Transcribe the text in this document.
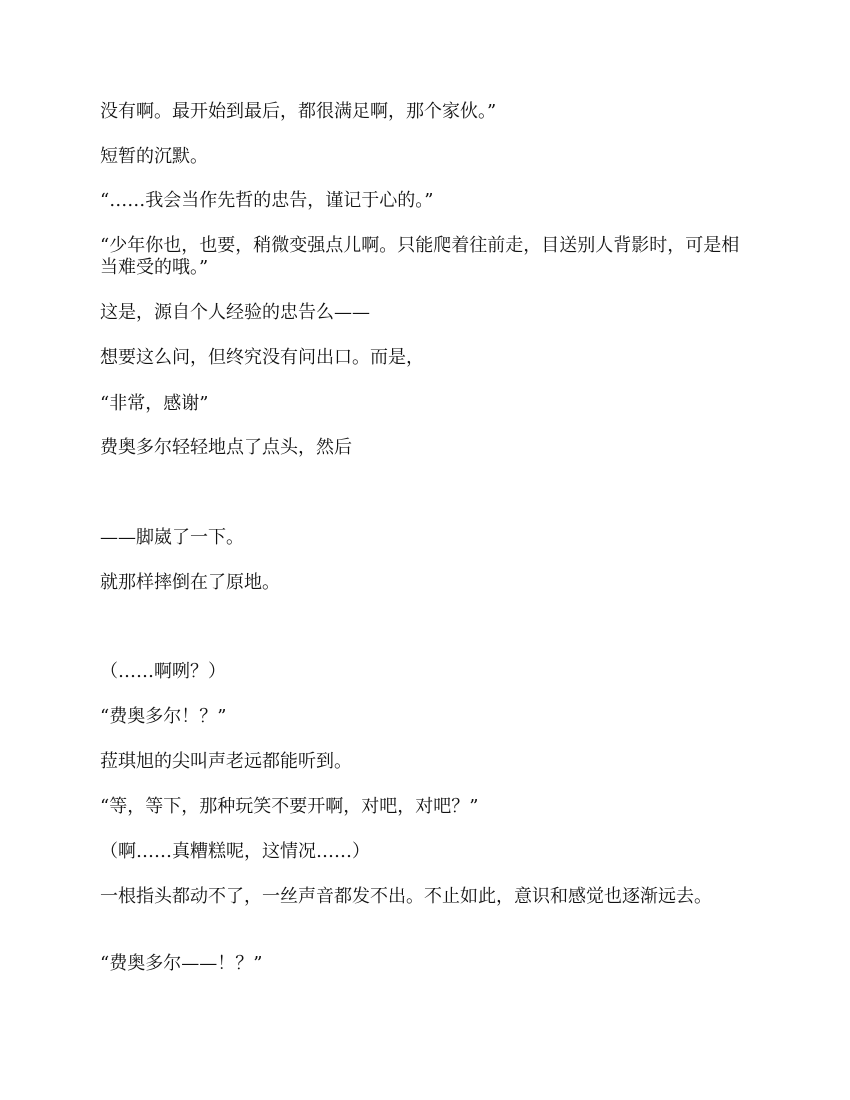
没有啊。最开始到最后，都很满足啊，那个家伙。”

短暂的沉默。

“……我会当作先哲的忠告，谨记于心的。”

“少年你也，也要，稍微变强点儿啊。只能爬着往前走，目送别人背影时，可是相当难受的哦。”

这是，源自个人经验的忠告么——

想要这么问，但终究没有问出口。而是，

“非常，感谢”

费奥多尔轻轻地点了点头，然后

——脚崴了一下。

就那样摔倒在了原地。

（……啊咧？）

“费奥多尔！？”

菈琪旭的尖叫声老远都能听到。

“等，等下，那种玩笑不要开啊，对吧，对吧？”

（啊……真糟糕呢，这情况……）

一根指头都动不了，一丝声音都发不出。不止如此，意识和感觉也逐渐远去。

“费奥多尔——！？”
